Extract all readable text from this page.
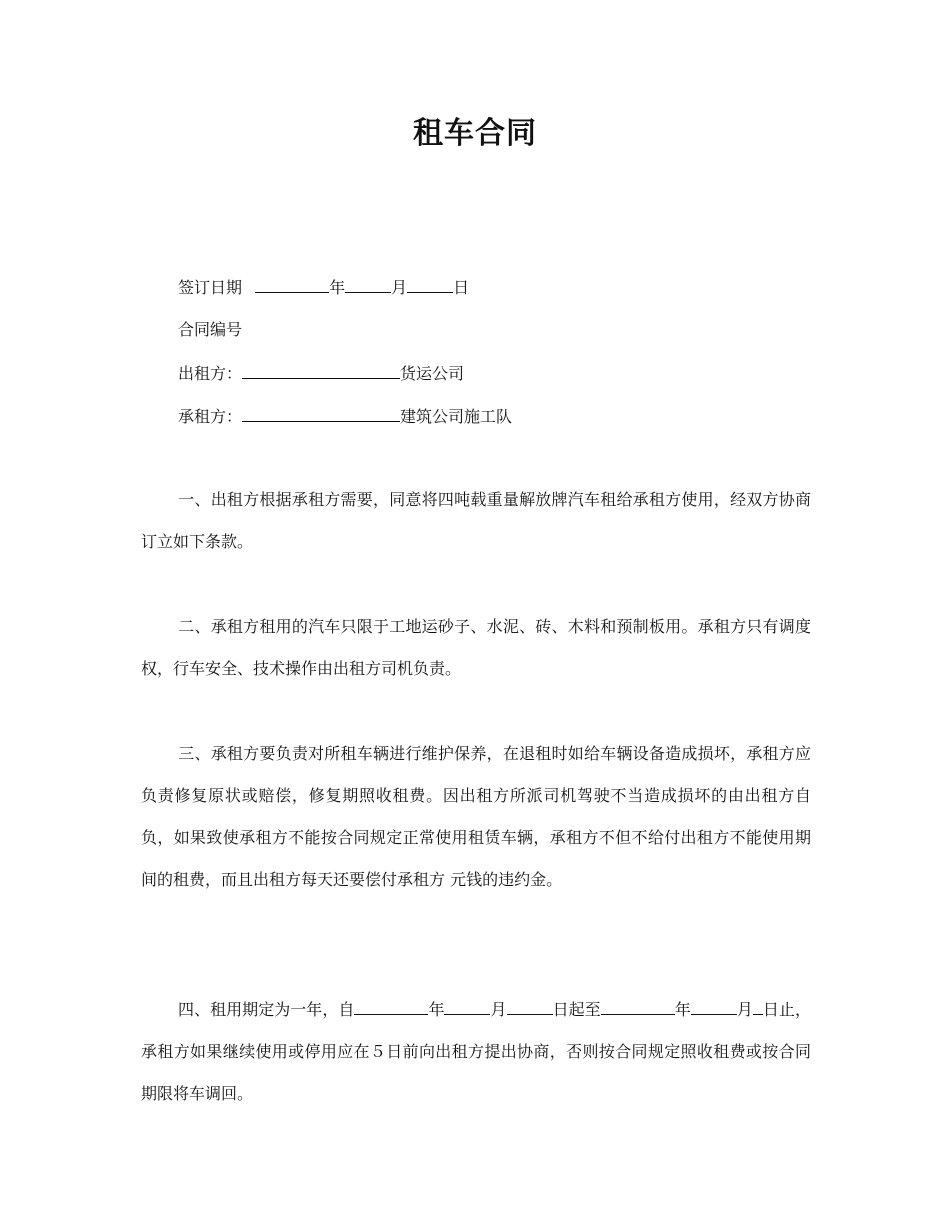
租车合同
签订日期	年	月	日
合同编号
出租方：	货运公司
承租方：	建筑公司施工队
一、出租方根据承租方需要，同意将四吨载重量解放牌汽车租给承租方使用，经双方协商订立如下条款。
二、承租方租用的汽车只限于工地运砂子、水泥、砖、木料和预制板用。承租方只有调度权，行车安全、技术操作由出租方司机负责。
三、承租方要负责对所租车辆进行维护保养，在退租时如给车辆设备造成损坏，承租方应负责修复原状或赔偿，修复期照收租费。因出租方所派司机驾驶不当造成损坏的由出租方自负，如果致使承租方不能按合同规定正常使用租赁车辆，承租方不但不给付出租方不能使用期间的租费，而且出租方每天还要偿付承租方 元钱的违约金。
四、租用期定为一年，自	年	月	日起至	年	月 日止，承租方如果继续使用或停用应在５日前向出租方提出协商，否则按合同规定照收租费或按合同期限将车调回。
